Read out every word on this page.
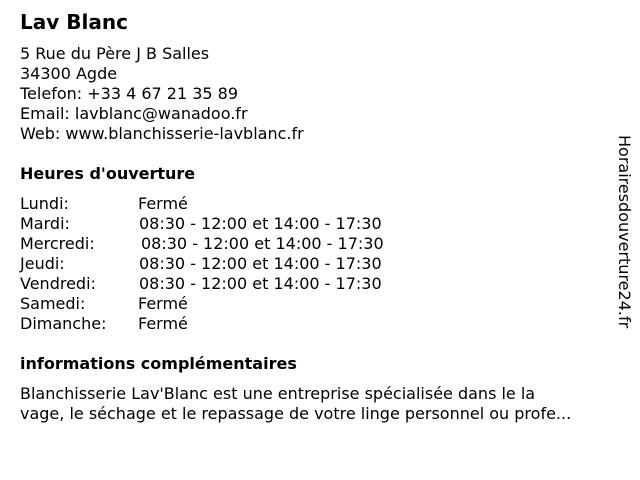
Lav Blanc
5 Rue du Père J B Salles
34300 Agde
Telefon: +33 4 67 21 35 89
Email: lavblanc@wanadoo.fr
Web: www.blanchisserie-lavblanc.fr
Heures d'ouverture
Lundi:	Fermé
Mardi:	08:30 - 12:00 et 14:00 - 17:30
Mercredi:	08:30 - 12:00 et 14:00 - 17:30
Jeudi:	08:30 - 12:00 et 14:00 - 17:30
Vendredi:	08:30 - 12:00 et 14:00 - 17:30
Samedi:	Fermé
Dimanche: Fermé
informations complémentaires
Blanchisserie Lav'Blanc est une entreprise spécialisée dans le la
vage, le séchage et le repassage de votre linge personnel ou profe...
Horairesdouverture24.fr
